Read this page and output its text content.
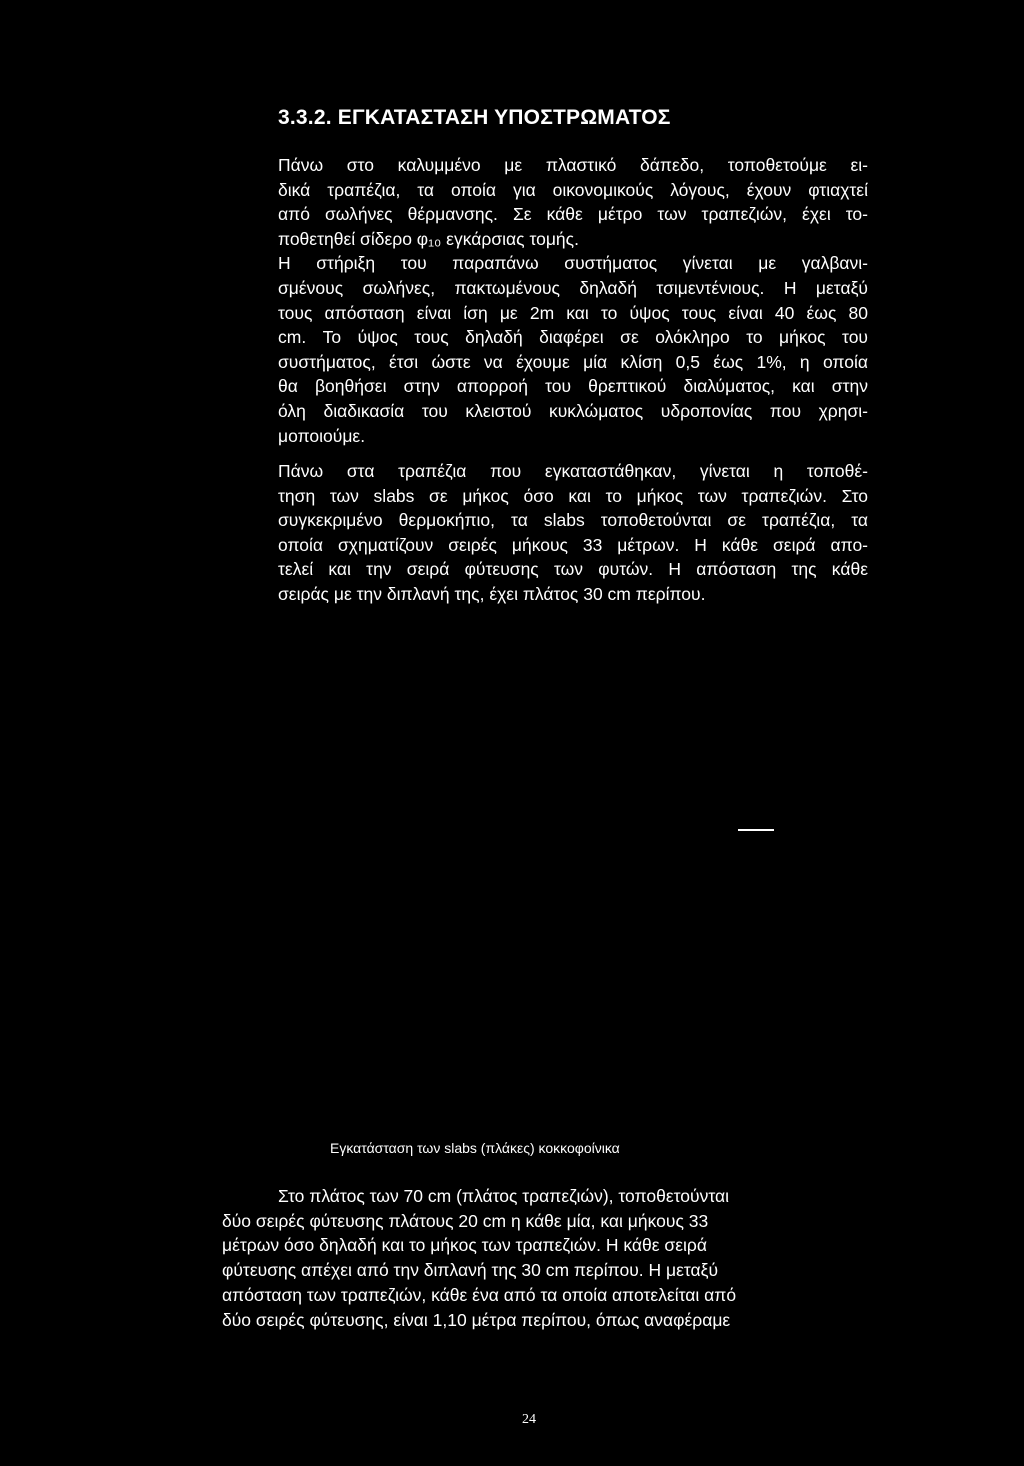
3.3.2. ΕΓΚΑΤΑΣΤΑΣΗ ΥΠΟΣΤΡΩΜΑΤΟΣ

Πάνω στο καλυμμένο με πλαστικό δάπεδο, τοποθετούμε ει-
δικά τραπέζια, τα οποία για οικονομικούς λόγους, έχουν φτιαχτεί
από σωλήνες θέρμανσης. Σε κάθε μέτρο των τραπεζιών, έχει το-
ποθετηθεί σίδερο φ₁₀ εγκάρσιας τομής.
Η στήριξη του παραπάνω συστήματος γίνεται με γαλβανι-
σμένους σωλήνες, πακτωμένους δηλαδή τσιμεντένιους. Η μεταξύ
τους απόσταση είναι ίση με 2m και το ύψος τους είναι 40 έως 80
cm. Το ύψος τους δηλαδή διαφέρει σε ολόκληρο το μήκος του
συστήματος, έτσι ώστε να έχουμε μία κλίση 0,5 έως 1%, η οποία
θα βοηθήσει στην απορροή του θρεπτικού διαλύματος, και στην
όλη διαδικασία του κλειστού κυκλώματος υδροπονίας που χρησι-
μοποιούμε.

Πάνω στα τραπέζια που εγκαταστάθηκαν, γίνεται η τοποθέ-
τηση των slabs σε μήκος όσο και το μήκος των τραπεζιών. Στο
συγκεκριμένο θερμοκήπιο, τα slabs τοποθετούνται σε τραπέζια, τα
οποία σχηματίζουν σειρές μήκους 33 μέτρων. Η κάθε σειρά απο-
τελεί και την σειρά φύτευσης των φυτών. Η απόσταση της κάθε
σειράς με την διπλανή της, έχει πλάτος 30 cm περίπου.

Εγκατάσταση των slabs (πλάκες) κοκκοφοίνικα

Στο πλάτος των 70 cm (πλάτος τραπεζιών), τοποθετούνται
δύο σειρές φύτευσης πλάτους 20 cm η κάθε μία, και μήκους 33
μέτρων όσο δηλαδή και το μήκος των τραπεζιών. Η κάθε σειρά
φύτευσης απέχει από την διπλανή της 30 cm περίπου. Η μεταξύ
απόσταση των τραπεζιών, κάθε ένα από τα οποία αποτελείται από
δύο σειρές φύτευσης, είναι 1,10 μέτρα περίπου, όπως αναφέραμε

24
